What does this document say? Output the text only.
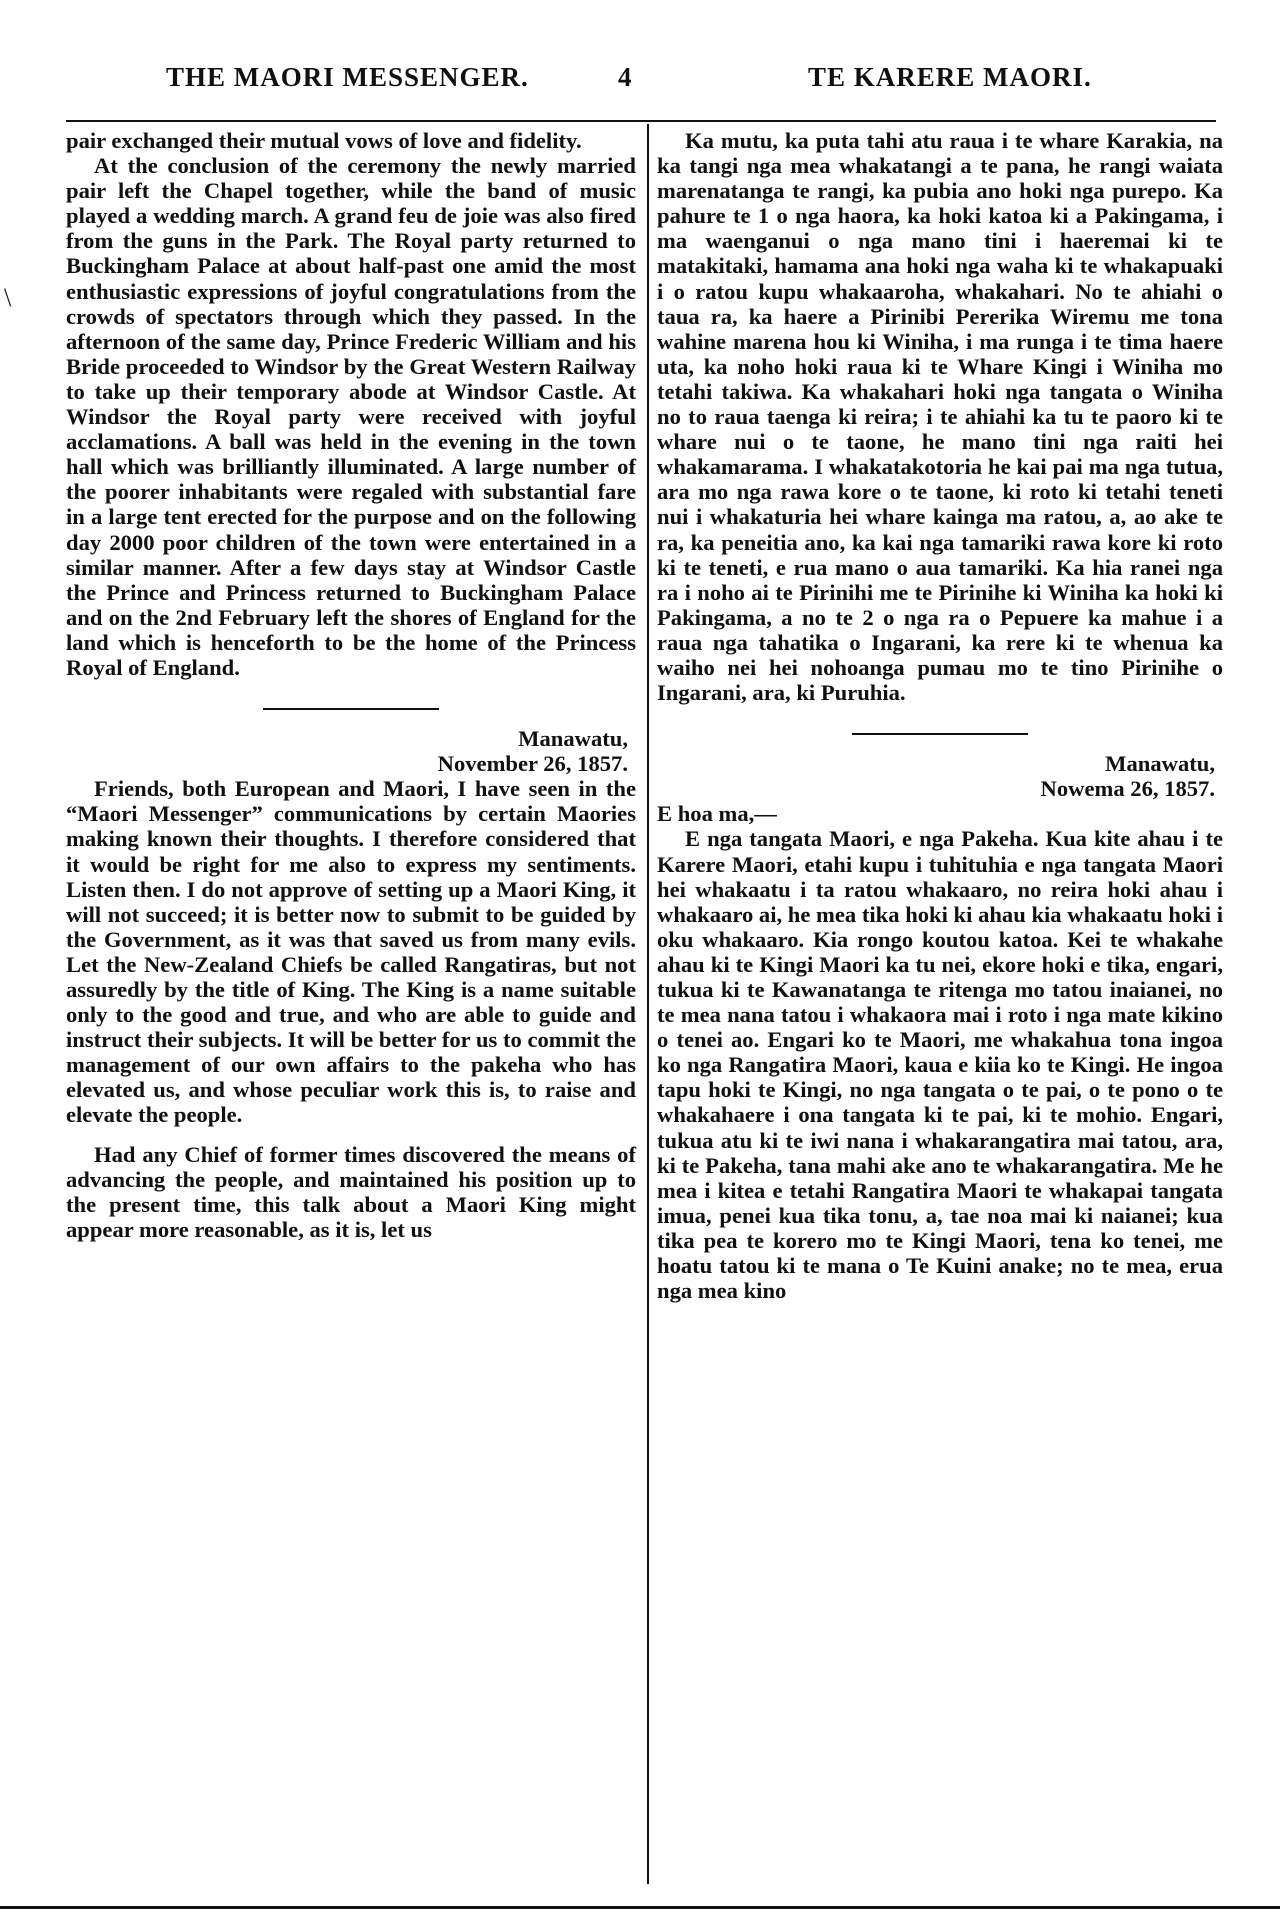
THE MAORI MESSENGER.	4	TE KARERE MAORI.
\

pair exchanged their mutual vows of love and fidelity.

At the conclusion of the ceremony the newly married pair left the Chapel together, while the band of music played a wedding march. A grand feu de joie was also fired from the guns in the Park. The Royal party returned to Buckingham Palace at about half-past one amid the most enthusiastic expressions of joyful congratulations from the crowds of spectators through which they passed. In the afternoon of the same day, Prince Frederic William and his Bride proceeded to Windsor by the Great Western Railway to take up their temporary abode at Windsor Castle. At Windsor the Royal party were received with joyful acclamations. A ball was held in the evening in the town hall which was brilliantly illuminated. A large number of the poorer inhabitants were regaled with substantial fare in a large tent erected for the purpose and on the following day 2000 poor children of the town were entertained in a similar manner. After a few days stay at Windsor Castle the Prince and Princess returned to Buckingham Palace and on the 2nd February left the shores of England for the land which is henceforth to be the home of the Princess Royal of England.

Manawatu,

November 26, 1857.

Friends, both European and Maori, I have seen in the “Maori Messenger” communications by certain Maories making known their thoughts. I therefore considered that it would be right for me also to express my sentiments. Listen then. I do not approve of setting up a Maori King, it will not succeed; it is better now to submit to be guided by the Government, as it was that saved us from many evils. Let the New-Zealand Chiefs be called Rangatiras, but not assuredly by the title of King. The King is a name suitable only to the good and true, and who are able to guide and instruct their subjects. It will be better for us to commit the management of our own affairs to the pakeha who has elevated us, and whose peculiar work this is, to raise and elevate the people.

Had any Chief of former times discovered the means of advancing the people, and maintained his position up to the present time, this talk about a Maori King might appear more reasonable, as it is, let us

Ka mutu, ka puta tahi atu raua i te whare Karakia, na ka tangi nga mea whakatangi a te pana, he rangi waiata marenatanga te rangi, ka pubia ano hoki nga purepo. Ka pahure te 1 o nga haora, ka hoki katoa ki a Pakingama, i ma waenganui o nga mano tini i haeremai ki te matakitaki, hamama ana hoki nga waha ki te whakapuaki i o ratou kupu whakaaroha, whakahari. No te ahiahi o taua ra, ka haere a Pirinibi Pererika Wiremu me tona wahine marena hou ki Winiha, i ma runga i te tima haere uta, ka noho hoki raua ki te Whare Kingi i Winiha mo tetahi takiwa. Ka whakahari hoki nga tangata o Winiha no to raua taenga ki reira; i te ahiahi ka tu te paoro ki te whare nui o te taone, he mano tini nga raiti hei whakamarama. I whakatakotoria he kai pai ma nga tutua, ara mo nga rawa kore o te taone, ki roto ki tetahi teneti nui i whakaturia hei whare kainga ma ratou, a, ao ake te ra, ka peneitia ano, ka kai nga tamariki rawa kore ki roto ki te teneti, e rua mano o aua tamariki. Ka hia ranei nga ra i noho ai te Pirinihi me te Pirinihe ki Winiha ka hoki ki Pakingama, a no te 2 o nga ra o Pepuere ka mahue i a raua nga tahatika o Ingarani, ka rere ki te whenua ka waiho nei hei nohoanga pumau mo te tino Pirinihe o Ingarani, ara, ki Puruhia.

Manawatu,

Nowema 26, 1857.

E hoa ma,—

E nga tangata Maori, e nga Pakeha. Kua kite ahau i te Karere Maori, etahi kupu i tuhituhia e nga tangata Maori hei whakaatu i ta ratou whakaaro, no reira hoki ahau i whakaaro ai, he mea tika hoki ki ahau kia whakaatu hoki i oku whakaaro. Kia rongo koutou katoa. Kei te whakahe ahau ki te Kingi Maori ka tu nei, ekore hoki e tika, engari, tukua ki te Kawanatanga te ritenga mo tatou inaianei, no te mea nana tatou i whakaora mai i roto i nga mate kikino o tenei ao. Engari ko te Maori, me whakahua tona ingoa ko nga Rangatira Maori, kaua e kiia ko te Kingi. He ingoa tapu hoki te Kingi, no nga tangata o te pai, o te pono o te whakahaere i ona tangata ki te pai, ki te mohio. Engari, tukua atu ki te iwi nana i whakarangatira mai tatou, ara, ki te Pakeha, tana mahi ake ano te whakarangatira. Me he mea i kitea e tetahi Rangatira Maori te whakapai tangata imua, penei kua tika tonu, a, tae noa mai ki naianei; kua tika pea te korero mo te Kingi Maori, tena ko tenei, me hoatu tatou ki te mana o Te Kuini anake; no te mea, erua nga mea kino
